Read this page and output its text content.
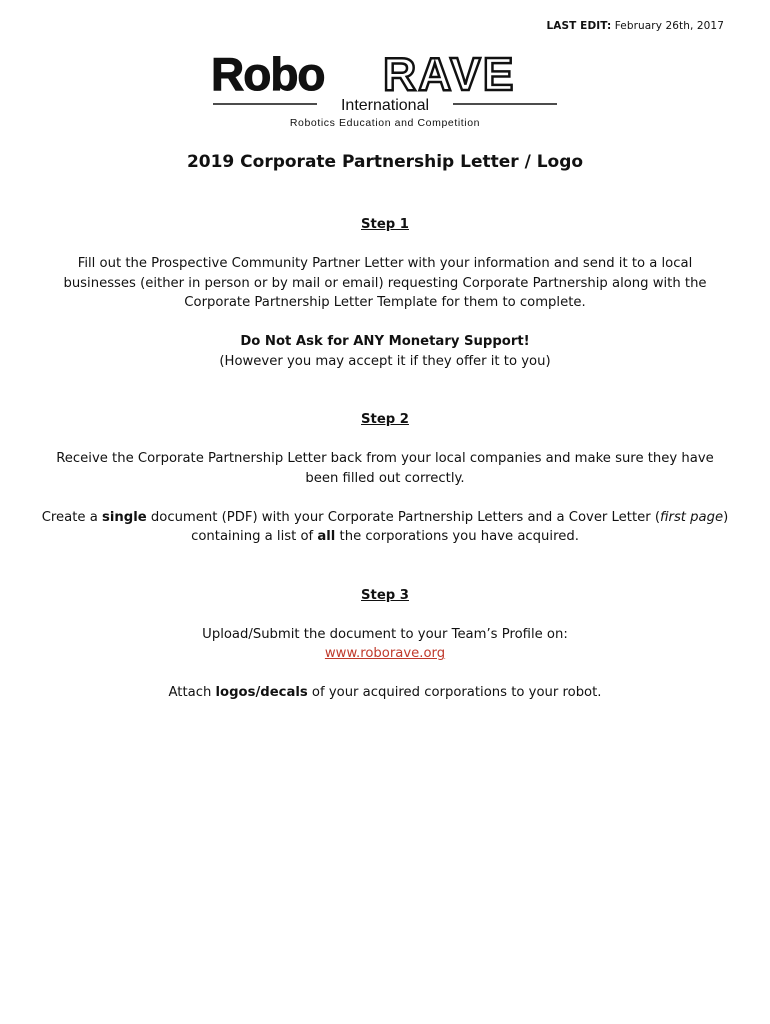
LAST EDIT: February 26th, 2017
Robo RAVE
International
Robotics Education and Competition
2019 Corporate Partnership Letter / Logo

Step 1

Fill out the Prospective Community Partner Letter with your information and send it to a local businesses (either in person or by mail or email) requesting Corporate Partnership along with the Corporate Partnership Letter Template for them to complete.

Do Not Ask for ANY Monetary Support!

(However you may accept it if they offer it to you)

Step 2

Receive the Corporate Partnership Letter back from your local companies and make sure they have been filled out correctly.

Create a single document (PDF) with your Corporate Partnership Letters and a Cover Letter (first page) containing a list of all the corporations you have acquired.

Step 3

Upload/Submit the document to your Team’s Profile on:

www.roborave.org

Attach logos/decals of your acquired corporations to your robot.
